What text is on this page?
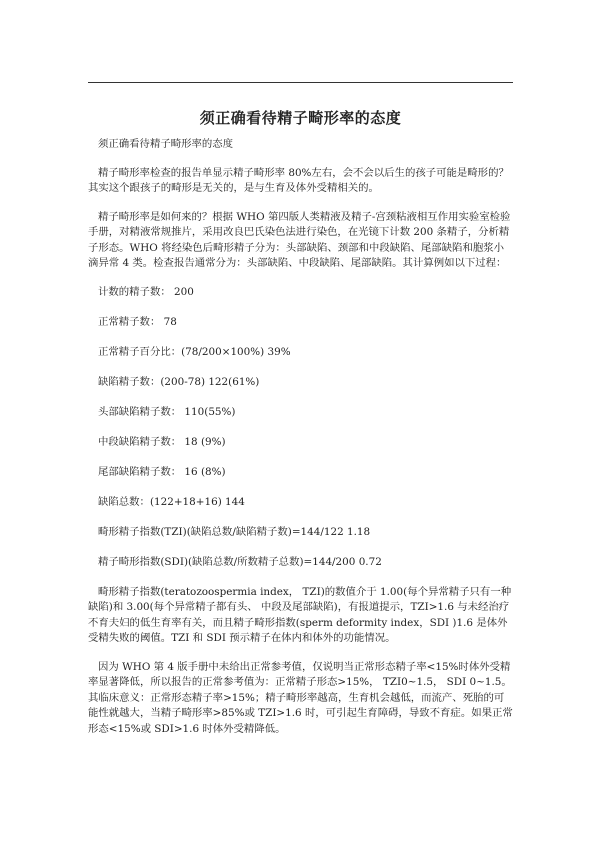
须正确看待精子畸形率的态度

须正确看待精子畸形率的态度

精子畸形率检查的报告单显示精子畸形率 80%左右，会不会以后生的孩子可能是畸形的？其实这个跟孩子的畸形是无关的，是与生育及体外受精相关的。

精子畸形率是如何来的？根据 WHO 第四版人类精液及精子-宫颈粘液相互作用实验室检验手册，对精液常规推片，采用改良巴氏染色法进行染色，在光镜下计数 200 条精子，分析精子形态。WHO 将经染色后畸形精子分为：头部缺陷、颈部和中段缺陷、尾部缺陷和胞浆小滴异常 4 类。检查报告通常分为：头部缺陷、中段缺陷、尾部缺陷。其计算例如以下过程：

计数的精子数： 200

正常精子数： 78

正常精子百分比：(78/200×100%) 39%

缺陷精子数：(200-78) 122(61%)

头部缺陷精子数： 110(55%)

中段缺陷精子数： 18 (9%)

尾部缺陷精子数： 16 (8%)

缺陷总数：(122+18+16) 144

畸形精子指数(TZI)(缺陷总数/缺陷精子数)=144/122 1.18

精子畸形指数(SDI)(缺陷总数/所数精子总数)=144/200 0.72

畸形精子指数(teratozoospermia index， TZI)的数值介于 1.00(每个异常精子只有一种缺陷)和 3.00(每个异常精子都有头、 中段及尾部缺陷)，有报道提示，TZI>1.6 与未经治疗不育夫妇的低生育率有关，而且精子畸形指数(sperm deformity index，SDI )1.6 是体外受精失败的阈值。TZI 和 SDI 预示精子在体内和体外的功能情况。

因为 WHO 第 4 版手册中未给出正常参考值，仅说明当正常形态精子率<15%时体外受精率显著降低，所以报告的正常参考值为：正常精子形态>15%， TZI0~1.5， SDI 0~1.5。其临床意义：正常形态精子率>15%；精子畸形率越高，生育机会越低，而流产、死胎的可能性就越大，当精子畸形率>85%或 TZI>1.6 时，可引起生育障碍，导致不育症。如果正常形态<15%或 SDI>1.6 时体外受精降低。
